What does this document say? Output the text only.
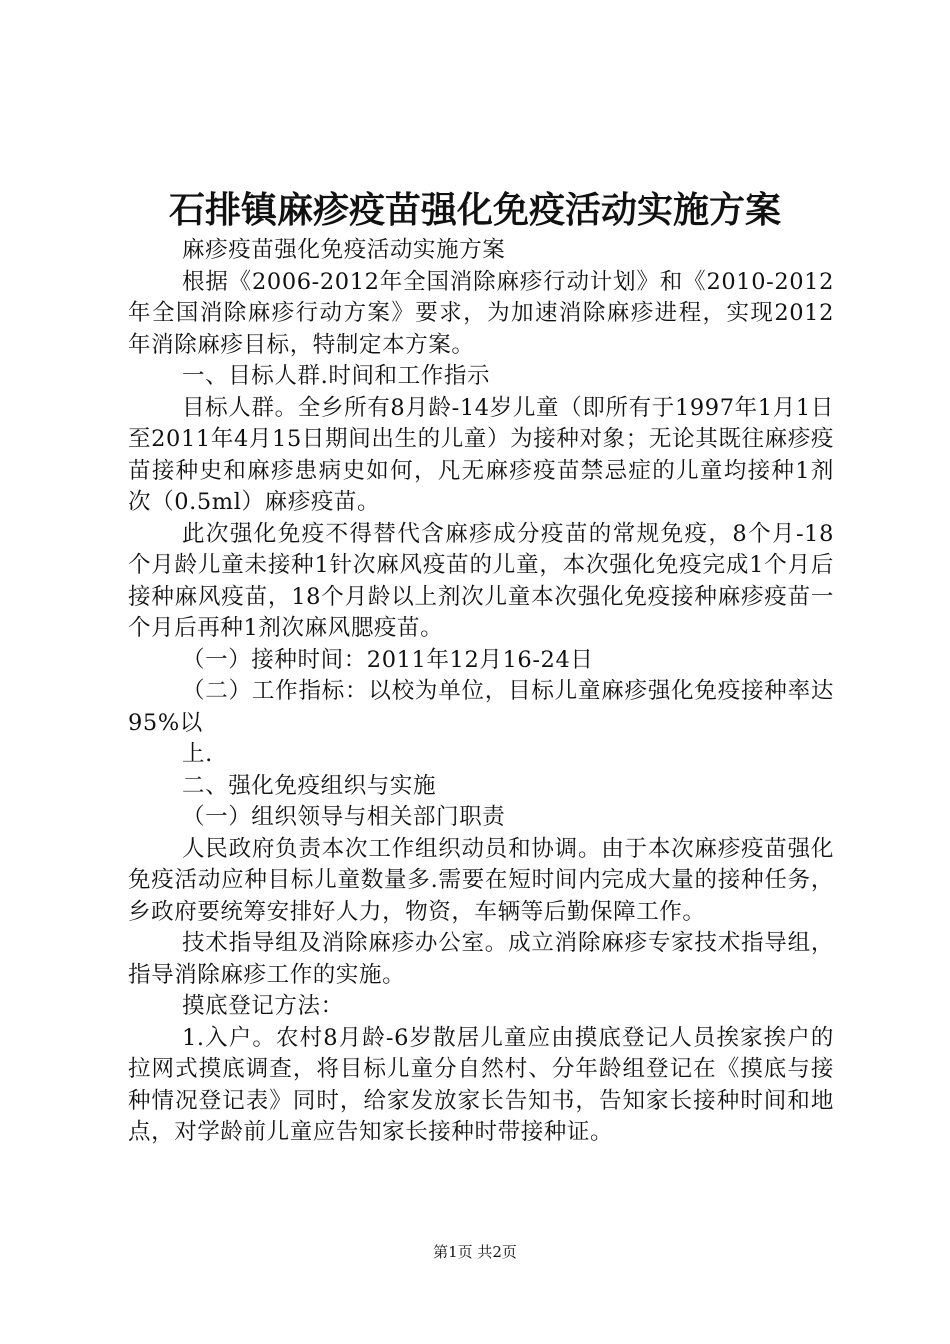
石排镇麻疹疫苗强化免疫活动实施方案

麻疹疫苗强化免疫活动实施方案

根据《2006-2012年全国消除麻疹行动计划》和《2010-2012年全国消除麻疹行动方案》要求，为加速消除麻疹进程，实现2012年消除麻疹目标，特制定本方案。

一、目标人群.时间和工作指示

目标人群。全乡所有8月龄-14岁儿童（即所有于1997年1月1日至2011年4月15日期间出生的儿童）为接种对象；无论其既往麻疹疫苗接种史和麻疹患病史如何，凡无麻疹疫苗禁忌症的儿童均接种1剂次（0.5ml）麻疹疫苗。

此次强化免疫不得替代含麻疹成分疫苗的常规免疫，8个月-18个月龄儿童未接种1针次麻风疫苗的儿童，本次强化免疫完成1个月后接种麻风疫苗，18个月龄以上剂次儿童本次强化免疫接种麻疹疫苗一个月后再种1剂次麻风腮疫苗。

（一）接种时间：2011年12月16-24日

（二）工作指标：以校为单位，目标儿童麻疹强化免疫接种率达95%以

上.

二、强化免疫组织与实施

（一）组织领导与相关部门职责

人民政府负责本次工作组织动员和协调。由于本次麻疹疫苗强化免疫活动应种目标儿童数量多.需要在短时间内完成大量的接种任务，乡政府要统筹安排好人力，物资，车辆等后勤保障工作。

技术指导组及消除麻疹办公室。成立消除麻疹专家技术指导组，指导消除麻疹工作的实施。

摸底登记方法：

1.入户。农村8月龄-6岁散居儿童应由摸底登记人员挨家挨户的拉网式摸底调查，将目标儿童分自然村、分年龄组登记在《摸底与接种情况登记表》同时，给家发放家长告知书，告知家长接种时间和地点，对学龄前儿童应告知家长接种时带接种证。

第1页 共2页
